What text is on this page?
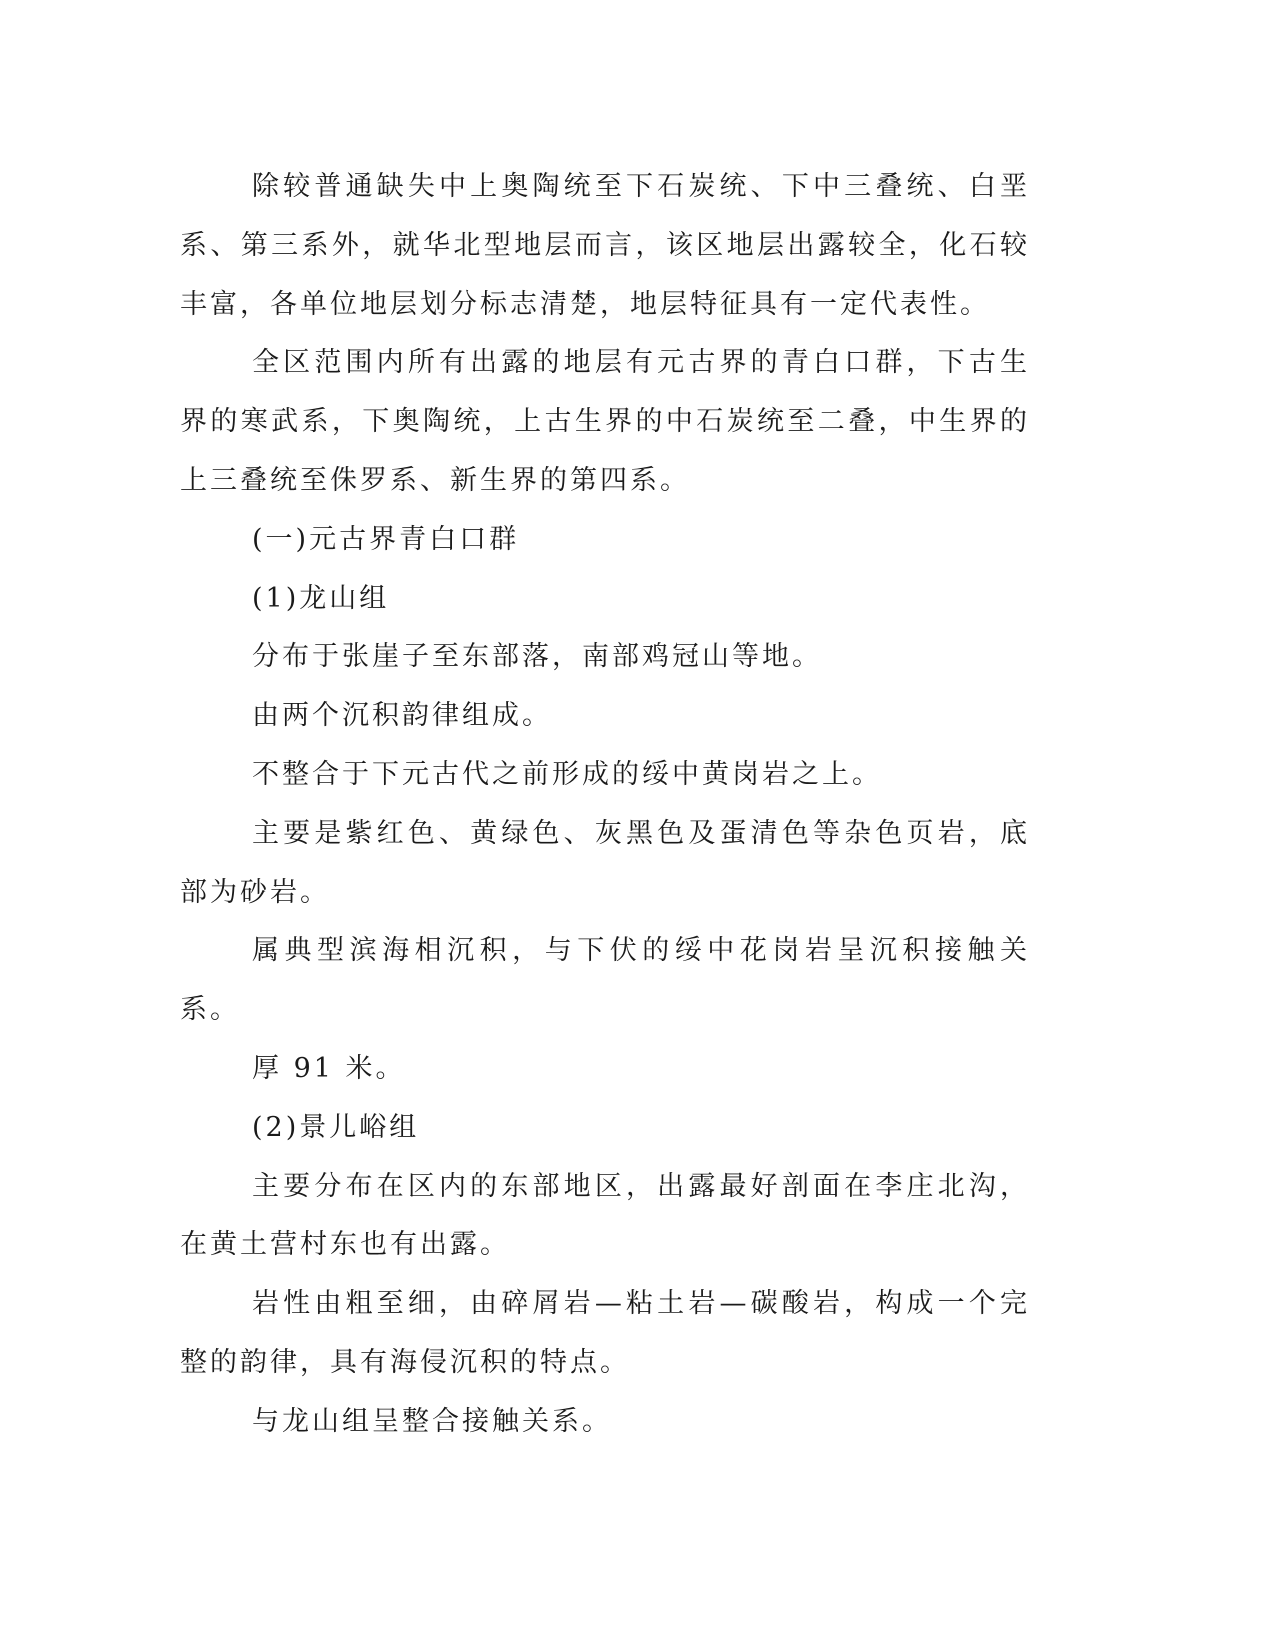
除较普通缺失中上奥陶统至下石炭统、下中三叠统、白垩系、第三系外，就华北型地层而言，该区地层出露较全，化石较丰富，各单位地层划分标志清楚，地层特征具有一定代表性。

全区范围内所有出露的地层有元古界的青白口群，下古生界的寒武系，下奥陶统，上古生界的中石炭统至二叠，中生界的上三叠统至侏罗系、新生界的第四系。

(一)元古界青白口群

(1)龙山组

分布于张崖子至东部落，南部鸡冠山等地。

由两个沉积韵律组成。

不整合于下元古代之前形成的绥中黄岗岩之上。

主要是紫红色、黄绿色、灰黑色及蛋清色等杂色页岩，底部为砂岩。

属典型滨海相沉积，与下伏的绥中花岗岩呈沉积接触关系。

厚 91 米。

(2)景儿峪组

主要分布在区内的东部地区，出露最好剖面在李庄北沟，在黄土营村东也有出露。

岩性由粗至细，由碎屑岩—粘土岩—碳酸岩，构成一个完整的韵律，具有海侵沉积的特点。

与龙山组呈整合接触关系。
